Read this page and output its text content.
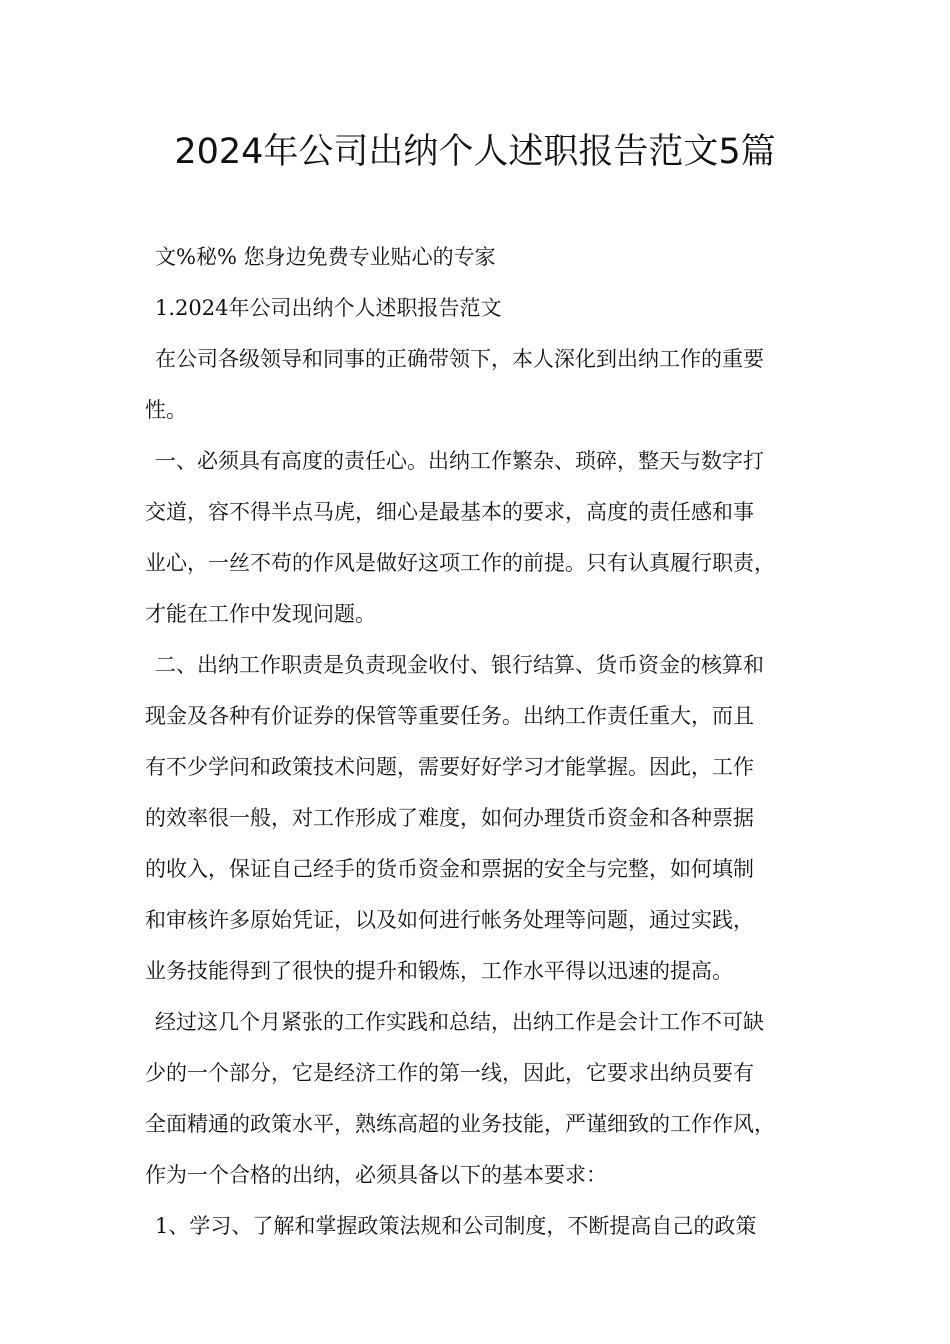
2024年公司出纳个人述职报告范文5篇
文%秘% 您身边免费专业贴心的专家
1.2024年公司出纳个人述职报告范文
在公司各级领导和同事的正确带领下，本人深化到出纳工作的重要
性。
一、必须具有高度的责任心。出纳工作繁杂、琐碎，整天与数字打
交道，容不得半点马虎，细心是最基本的要求，高度的责任感和事
业心，一丝不苟的作风是做好这项工作的前提。只有认真履行职责，
才能在工作中发现问题。
二、出纳工作职责是负责现金收付、银行结算、货币资金的核算和
现金及各种有价证券的保管等重要任务。出纳工作责任重大，而且
有不少学问和政策技术问题，需要好好学习才能掌握。因此，工作
的效率很一般，对工作形成了难度，如何办理货币资金和各种票据
的收入，保证自己经手的货币资金和票据的安全与完整，如何填制
和审核许多原始凭证，以及如何进行帐务处理等问题，通过实践，
业务技能得到了很快的提升和锻炼，工作水平得以迅速的提高。
经过这几个月紧张的工作实践和总结，出纳工作是会计工作不可缺
少的一个部分，它是经济工作的第一线，因此，它要求出纳员要有
全面精通的政策水平，熟练高超的业务技能，严谨细致的工作作风，
作为一个合格的出纳，必须具备以下的基本要求：
1、学习、了解和掌握政策法规和公司制度，不断提高自己的政策
